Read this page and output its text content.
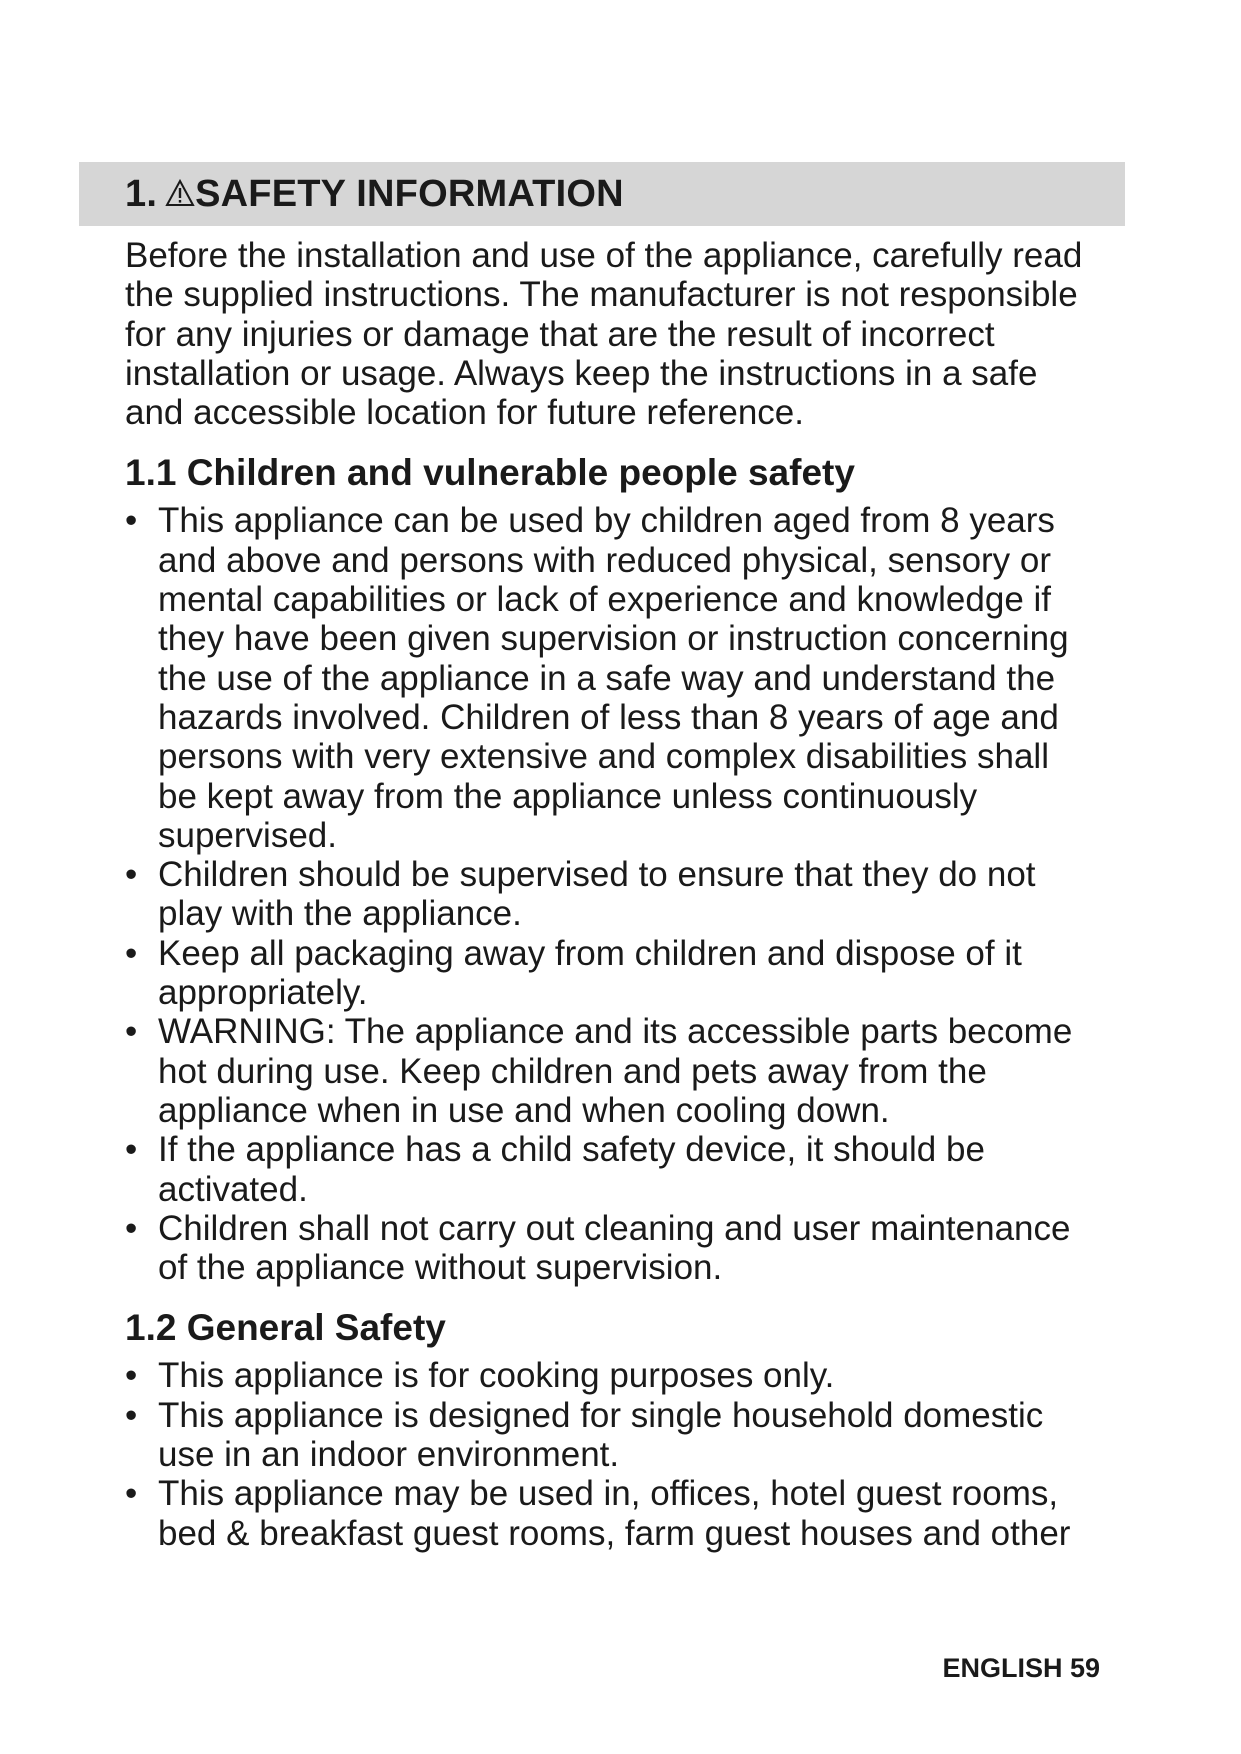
1. SAFETY INFORMATION

Before the installation and use of the appliance, carefully read
the supplied instructions. The manufacturer is not responsible
for any injuries or damage that are the result of incorrect
installation or usage. Always keep the instructions in a safe
and accessible location for future reference.

1.1 Children and vulnerable people safety
• This appliance can be used by children aged from 8 years
and above and persons with reduced physical, sensory or
mental capabilities or lack of experience and knowledge if
they have been given supervision or instruction concerning
the use of the appliance in a safe way and understand the
hazards involved. Children of less than 8 years of age and
persons with very extensive and complex disabilities shall
be kept away from the appliance unless continuously
supervised.
• Children should be supervised to ensure that they do not
play with the appliance.
• Keep all packaging away from children and dispose of it
appropriately.
• WARNING: The appliance and its accessible parts become
hot during use. Keep children and pets away from the
appliance when in use and when cooling down.
• If the appliance has a child safety device, it should be
activated.
• Children shall not carry out cleaning and user maintenance
of the appliance without supervision.
1.2 General Safety
• This appliance is for cooking purposes only.
• This appliance is designed for single household domestic
use in an indoor environment.
• This appliance may be used in, offices, hotel guest rooms,
bed & breakfast guest rooms, farm guest houses and other
ENGLISH 59
